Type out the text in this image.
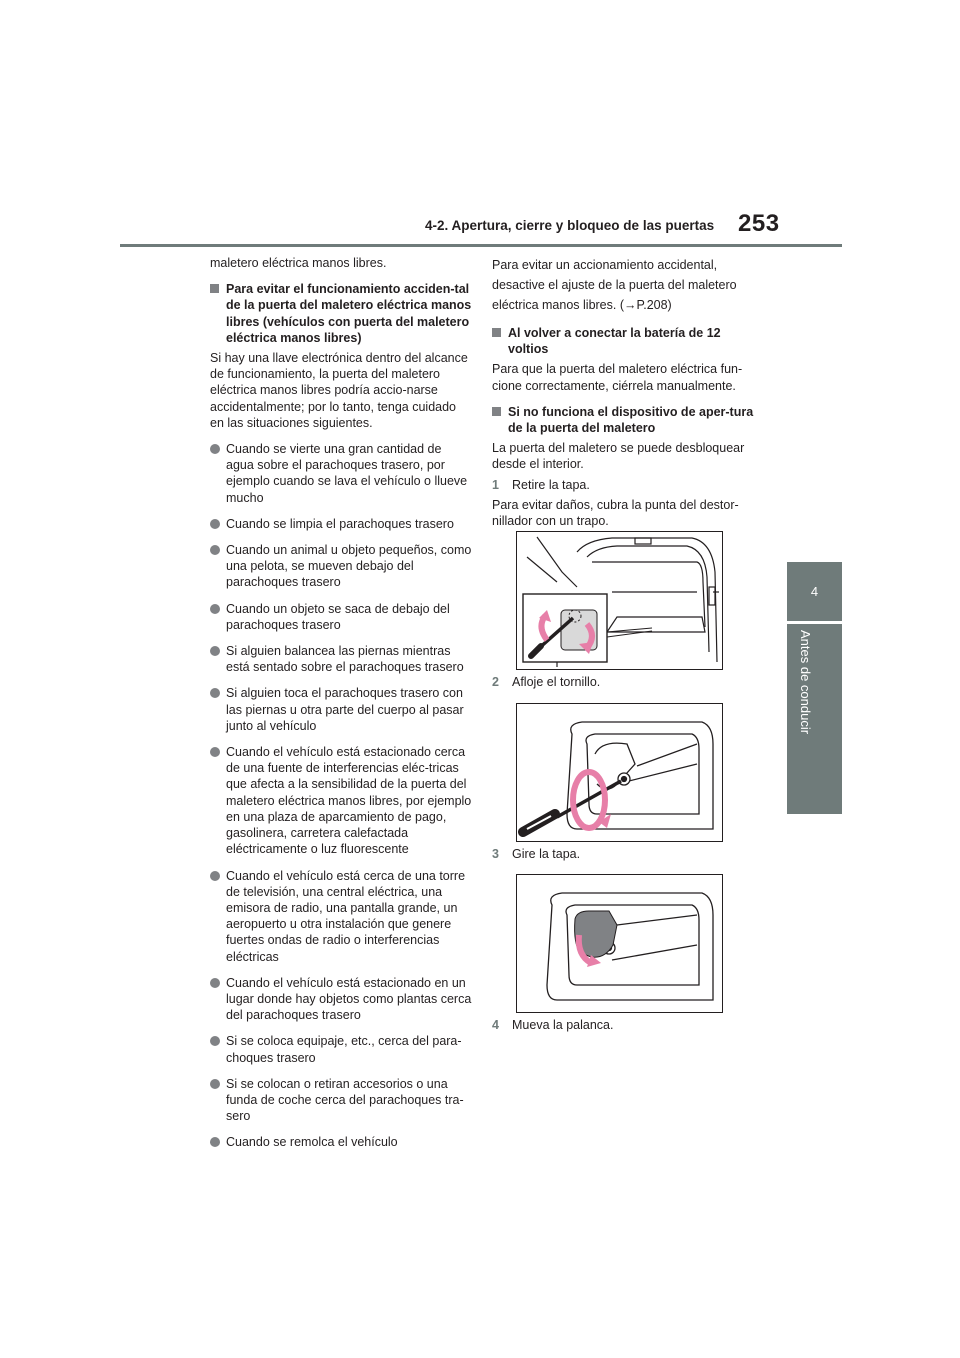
4-2. Apertura, cierre y bloqueo de las puertas 253
4
Antes de conducir

maletero eléctrica manos libres.

Para evitar el funcionamiento acciden-tal de la puerta del maletero eléctrica manos libres (vehículos con puerta del maletero eléctrica manos libres)

Si hay una llave electrónica dentro del alcance de funcionamiento, la puerta del maletero eléctrica manos libres podría accio-narse accidentalmente; por lo tanto, tenga cuidado en las situaciones siguientes.

Cuando se vierte una gran cantidad de agua sobre el parachoques trasero, por ejemplo cuando se lava el vehículo o llueve mucho
Cuando se limpia el parachoques trasero
Cuando un animal u objeto pequeños, como una pelota, se mueven debajo del parachoques trasero
Cuando un objeto se saca de debajo del parachoques trasero
Si alguien balancea las piernas mientras está sentado sobre el parachoques trasero
Si alguien toca el parachoques trasero con las piernas u otra parte del cuerpo al pasar junto al vehículo
Cuando el vehículo está estacionado cerca de una fuente de interferencias eléc-tricas que afecta a la sensibilidad de la puerta del maletero eléctrica manos libres, por ejemplo en una plaza de aparcamiento de pago, gasolinera, carretera calefactada eléctricamente o luz fluorescente
Cuando el vehículo está cerca de una torre de televisión, una central eléctrica, una emisora de radio, una pantalla grande, un aeropuerto u otra instalación que genere fuertes ondas de radio o interferencias eléctricas
Cuando el vehículo está estacionado en un lugar donde hay objetos como plantas cerca del parachoques trasero
Si se coloca equipaje, etc., cerca del para-choques trasero
Si se colocan o retiran accesorios o una funda de coche cerca del parachoques tra-sero
Cuando se remolca el vehículo

Para evitar un accionamiento accidental, desactive el ajuste de la puerta del maletero eléctrica manos libres. (→P.208)

Al volver a conectar la batería de 12 voltios

Para que la puerta del maletero eléctrica fun-cione correctamente, ciérrela manualmente.

Si no funciona el dispositivo de aper-tura de la puerta del maletero

La puerta del maletero se puede desbloquear desde el interior.

1 Retire la tapa.

Para evitar daños, cubra la punta del destor-nillador con un trapo.

2 Afloje el tornillo.
3 Gire la tapa.
4 Mueva la palanca.
